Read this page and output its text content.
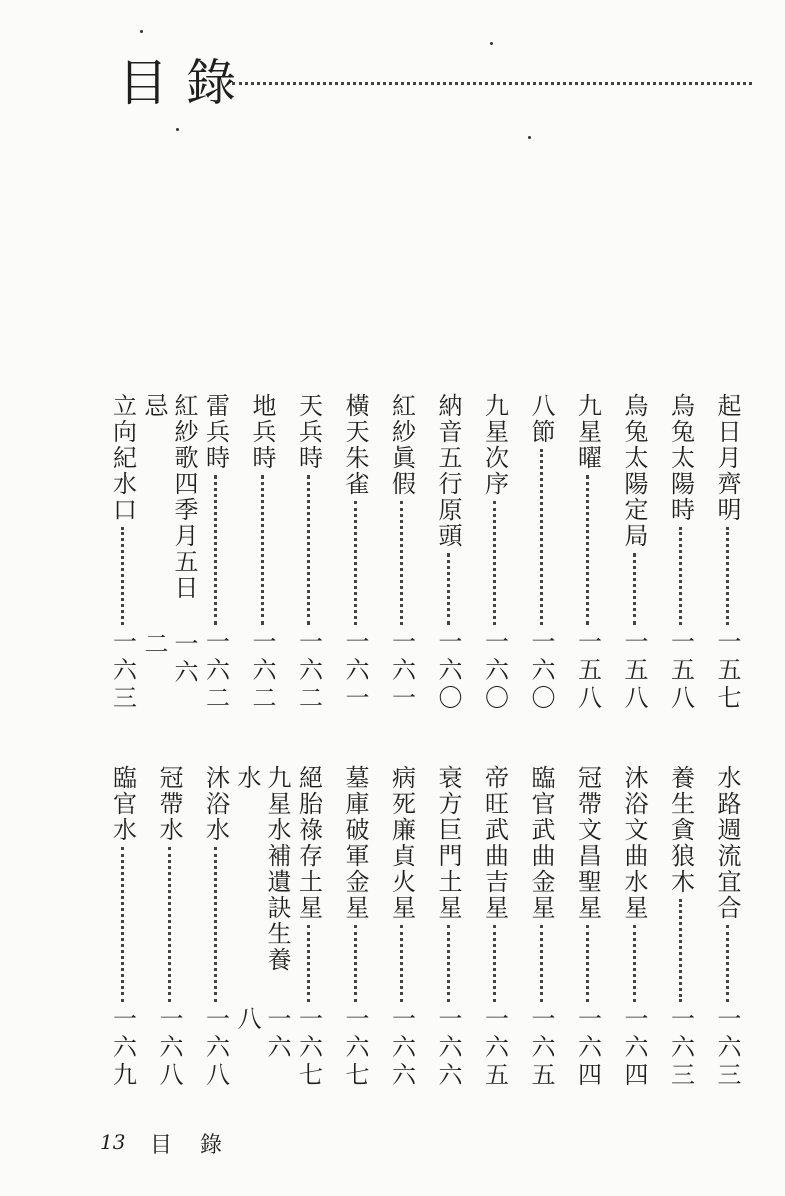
目錄
起日月齊明
一五七
烏兔太陽時
一五八
烏兔太陽定局
一五八
九星曜
一五八
八節
一六〇
九星次序
一六〇
納音五行原頭
一六〇
紅紗眞假
一六一
橫天朱雀
一六一
天兵時
一六二
地兵時
一六二
雷兵時
一六二
紅紗歌四季月五日忌
一六二
立向紀水口
一六三
水路週流宜合
一六三
養生貪狼木
一六三
沐浴文曲水星
一六四
冠帶文昌聖星
一六四
臨官武曲金星
一六五
帝旺武曲吉星
一六五
衰方巨門土星
一六六
病死廉貞火星
一六六
墓庫破軍金星
一六七
絕胎祿存土星
一六七
九星水補遺訣生養水
一六八
沐浴水
一六八
冠帶水
一六八
臨官水
一六九
13 目錄
